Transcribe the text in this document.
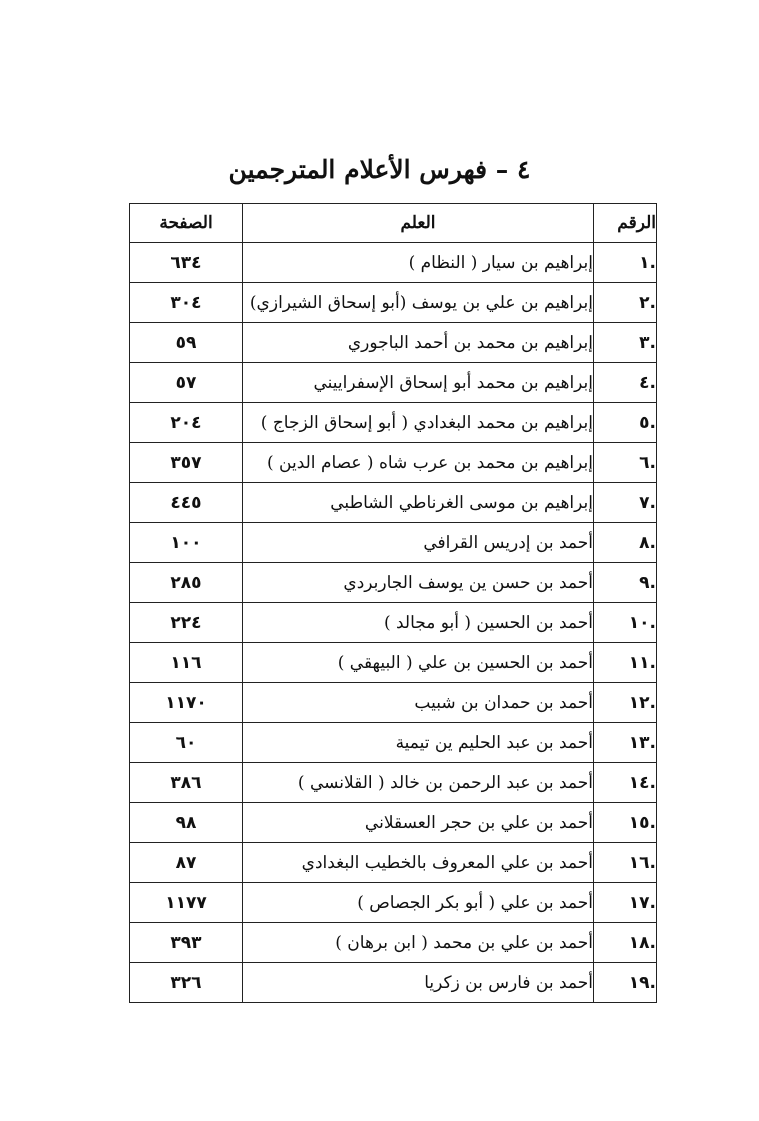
٤ – فهرس الأعلام المترجمين
الرقم	العلم	الصفحة
.١	إبراهيم بن سيار ( النظام )	٦٣٤
.٢	إبراهيم بن علي بن يوسف (أبو إسحاق الشيرازي)	٣٠٤
.٣	إبراهيم بن محمد بن أحمد الباجوري	٥٩
.٤	إبراهيم بن محمد أبو إسحاق الإسفراييني	٥٧
.٥	إبراهيم بن محمد البغدادي ( أبو إسحاق الزجاج )	٢٠٤
.٦	إبراهيم بن محمد بن عرب شاه ( عصام الدين )	٣٥٧
.٧	إبراهيم بن موسى الغرناطي الشاطبي	٤٤٥
.٨	أحمد بن إدريس القرافي	١٠٠
.٩	أحمد بن حسن ين يوسف الجاربردي	٢٨٥
.١٠	أحمد بن الحسين ( أبو مجالد )	٢٢٤
.١١	أحمد بن الحسين بن علي ( البيهقي )	١١٦
.١٢	أحمد بن حمدان بن شبيب	١١٧٠
.١٣	أحمد بن عبد الحليم ين تيمية	٦٠
.١٤	أحمد بن عبد الرحمن بن خالد ( القلانسي )	٣٨٦
.١٥	أحمد بن علي بن حجر العسقلاني	٩٨
.١٦	أحمد بن علي المعروف بالخطيب البغدادي	٨٧
.١٧	أحمد بن علي ( أبو بكر الجصاص )	١١٧٧
.١٨	أحمد بن علي بن محمد ( ابن برهان )	٣٩٣
.١٩	أحمد بن فارس بن زكريا	٣٢٦
